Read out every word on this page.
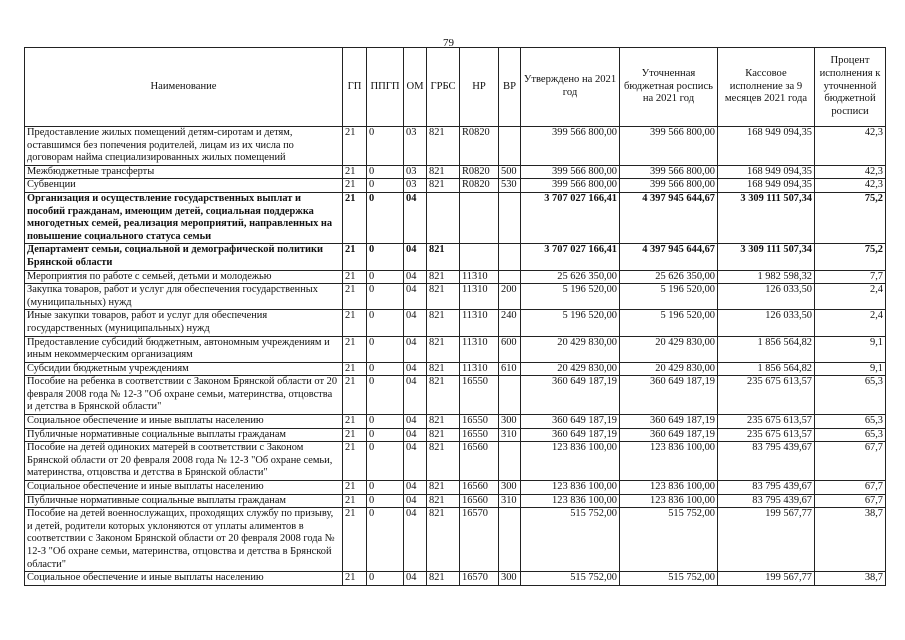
79
Наименование	ГП	ППГП	ОМ	ГРБС	НР	ВР	Утверждено на 2021 год	Уточненная бюджетная роспись на 2021 год	Кассовое исполнение за 9 месяцев 2021 года	Процент исполнения к уточненной бюджетной росписи
Предоставление жилых помещений детям-сиротам и детям, оставшимся без попечения родителей, лицам из их числа по договорам найма специализированных жилых помещений	21	0	03	821	R0820		399 566 800,00	399 566 800,00	168 949 094,35	42,3
Межбюджетные трансферты	21	0	03	821	R0820	500	399 566 800,00	399 566 800,00	168 949 094,35	42,3
Субвенции	21	0	03	821	R0820	530	399 566 800,00	399 566 800,00	168 949 094,35	42,3
Организация и осуществление государственных выплат и пособий гражданам, имеющим детей, социальная поддержка многодетных семей, реализация мероприятий, направленных на повышение социального статуса семьи	21	0	04				3 707 027 166,41	4 397 945 644,67	3 309 111 507,34	75,2
Департамент семьи, социальной и демографической политики Брянской области	21	0	04	821			3 707 027 166,41	4 397 945 644,67	3 309 111 507,34	75,2
Мероприятия по работе с семьей, детьми и молодежью	21	0	04	821	11310		25 626 350,00	25 626 350,00	1 982 598,32	7,7
Закупка товаров, работ и услуг для обеспечения государственных (муниципальных) нужд	21	0	04	821	11310	200	5 196 520,00	5 196 520,00	126 033,50	2,4
Иные закупки товаров, работ и услуг для обеспечения государственных (муниципальных) нужд	21	0	04	821	11310	240	5 196 520,00	5 196 520,00	126 033,50	2,4
Предоставление субсидий бюджетным, автономным учреждениям и иным некоммерческим организациям	21	0	04	821	11310	600	20 429 830,00	20 429 830,00	1 856 564,82	9,1
Субсидии бюджетным учреждениям	21	0	04	821	11310	610	20 429 830,00	20 429 830,00	1 856 564,82	9,1
Пособие на ребенка в соответствии с Законом Брянской области от 20 февраля 2008 года № 12-З "Об охране семьи, материнства, отцовства и детства в Брянской области"	21	0	04	821	16550		360 649 187,19	360 649 187,19	235 675 613,57	65,3
Социальное обеспечение и иные выплаты населению	21	0	04	821	16550	300	360 649 187,19	360 649 187,19	235 675 613,57	65,3
Публичные нормативные социальные выплаты гражданам	21	0	04	821	16550	310	360 649 187,19	360 649 187,19	235 675 613,57	65,3
Пособие на детей одиноких матерей в соответствии с Законом Брянской области от 20 февраля 2008 года № 12-З "Об охране семьи, материнства, отцовства и детства в Брянской области"	21	0	04	821	16560		123 836 100,00	123 836 100,00	83 795 439,67	67,7
Социальное обеспечение и иные выплаты населению	21	0	04	821	16560	300	123 836 100,00	123 836 100,00	83 795 439,67	67,7
Публичные нормативные социальные выплаты гражданам	21	0	04	821	16560	310	123 836 100,00	123 836 100,00	83 795 439,67	67,7
Пособие на детей военнослужащих, проходящих службу по призыву, и детей, родители которых уклоняются от уплаты алиментов в соответствии с Законом Брянской области от 20 февраля 2008 года № 12-З "Об охране семьи, материнства, отцовства и детства в Брянской области"	21	0	04	821	16570		515 752,00	515 752,00	199 567,77	38,7
Социальное обеспечение и иные выплаты населению	21	0	04	821	16570	300	515 752,00	515 752,00	199 567,77	38,7
